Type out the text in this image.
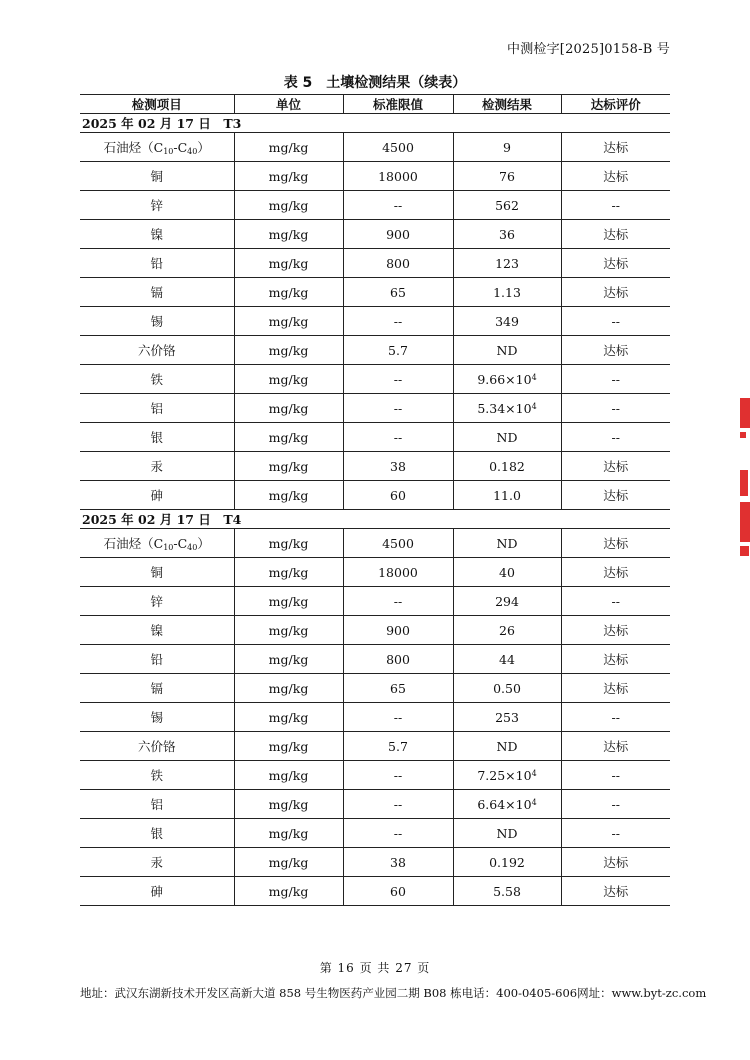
中测检字[2025]0158-B 号
表 5　土壤检测结果（续表）
检测项目	单位	标准限值	检测结果	达标评价
2025 年 02 月 17 日　T3				
石油烃$(C_{10}-C_{40})$	mg/kg	4500	9	达标
铜	mg/kg	18000	76	达标
锌	mg/kg	--	562	--
镍	mg/kg	900	36	达标
铅	mg/kg	800	123	达标
镉	mg/kg	65	1.13	达标
锡	mg/kg	--	349	--
六价铬	mg/kg	5.7	ND	达标
铁	mg/kg	--	$9.66\times 10^4$	--
铝	mg/kg	--	$5.34\times 10^4$	--
银	mg/kg	--	ND	--
汞	mg/kg	38	0.182	达标
砷	mg/kg	60	11.0	达标
2025 年 02 月 17 日　T4				
石油烃$(C_{10}-C_{40})$	mg/kg	4500	ND	达标
铜	mg/kg	18000	40	达标
锌	mg/kg	--	294	--
镍	mg/kg	900	26	达标
铅	mg/kg	800	44	达标
镉	mg/kg	65	0.50	达标
锡	mg/kg	--	253	--
六价铬	mg/kg	5.7	ND	达标
铁	mg/kg	--	$7.25\times 10^4$	--
铝	mg/kg	--	$6.64\times 10^4$	--
银	mg/kg	--	ND	--
汞	mg/kg	38	0.192	达标
砷	mg/kg	60	5.58	达标
第 16 页 共 27 页
地址：武汉东湖新技术开发区高新大道 858 号生物医药产业园二期 B08 栋 电话：400-0405-606 网址：www.byt-zc.com
